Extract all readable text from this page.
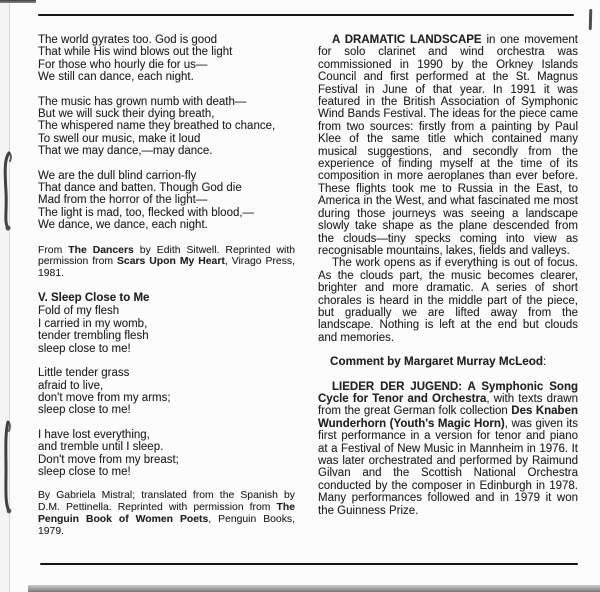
The world gyrates too. God is good
That while His wind blows out the light
For those who hourly die for us—
We still can dance, each night.
The music has grown numb with death—
But we will suck their dying breath,
The whispered name they breathed to chance,
To swell our music, make it loud
That we may dance,—may dance.
We are the dull blind carrion-fly
That dance and batten. Though God die
Mad from the horror of the light—
The light is mad, too, flecked with blood,—
We dance, we dance, each night.

From The Dancers by Edith Sitwell. Reprinted with permission from Scars Upon My Heart, Virago Press, 1981.

V. Sleep Close to Me
Fold of my flesh
I carried in my womb,
tender trembling flesh
sleep close to me!
Little tender grass
afraid to live,
don't move from my arms;
sleep close to me!
I have lost everything,
and tremble until I sleep.
Don't move from my breast;
sleep close to me!

By Gabriela Mistral; translated from the Spanish by D.M. Pettinella. Reprinted with permission from The Penguin Book of Women Poets, Penguin Books, 1979.

A DRAMATIC LANDSCAPE in one movement for solo clarinet and wind orchestra was commissioned in 1990 by the Orkney Islands Council and first performed at the St. Magnus Festival in June of that year. In 1991 it was featured in the British Association of Symphonic Wind Bands Festival. The ideas for the piece came from two sources: firstly from a painting by Paul Klee of the same title which contained many musical suggestions, and secondly from the experience of finding myself at the time of its composition in more aeroplanes than ever before. These flights took me to Russia in the East, to America in the West, and what fascinated me most during those journeys was seeing a landscape slowly take shape as the plane descended from the clouds—tiny specks coming into view as recognisable mountains, lakes, fields and valleys.

The work opens as if everything is out of focus. As the clouds part, the music becomes clearer, brighter and more dramatic. A series of short chorales is heard in the middle part of the piece, but gradually we are lifted away from the landscape. Nothing is left at the end but clouds and memories.

Comment by Margaret Murray McLeod:

LIEDER DER JUGEND: A Symphonic Song Cycle for Tenor and Orchestra, with texts drawn from the great German folk collection Des Knaben Wunderhorn (Youth's Magic Horn), was given its first performance in a version for tenor and piano at a Festival of New Music in Mannheim in 1976. It was later orchestrated and performed by Raimund Gilvan and the Scottish National Orchestra conducted by the composer in Edinburgh in 1978. Many performances followed and in 1979 it won the Guinness Prize.
